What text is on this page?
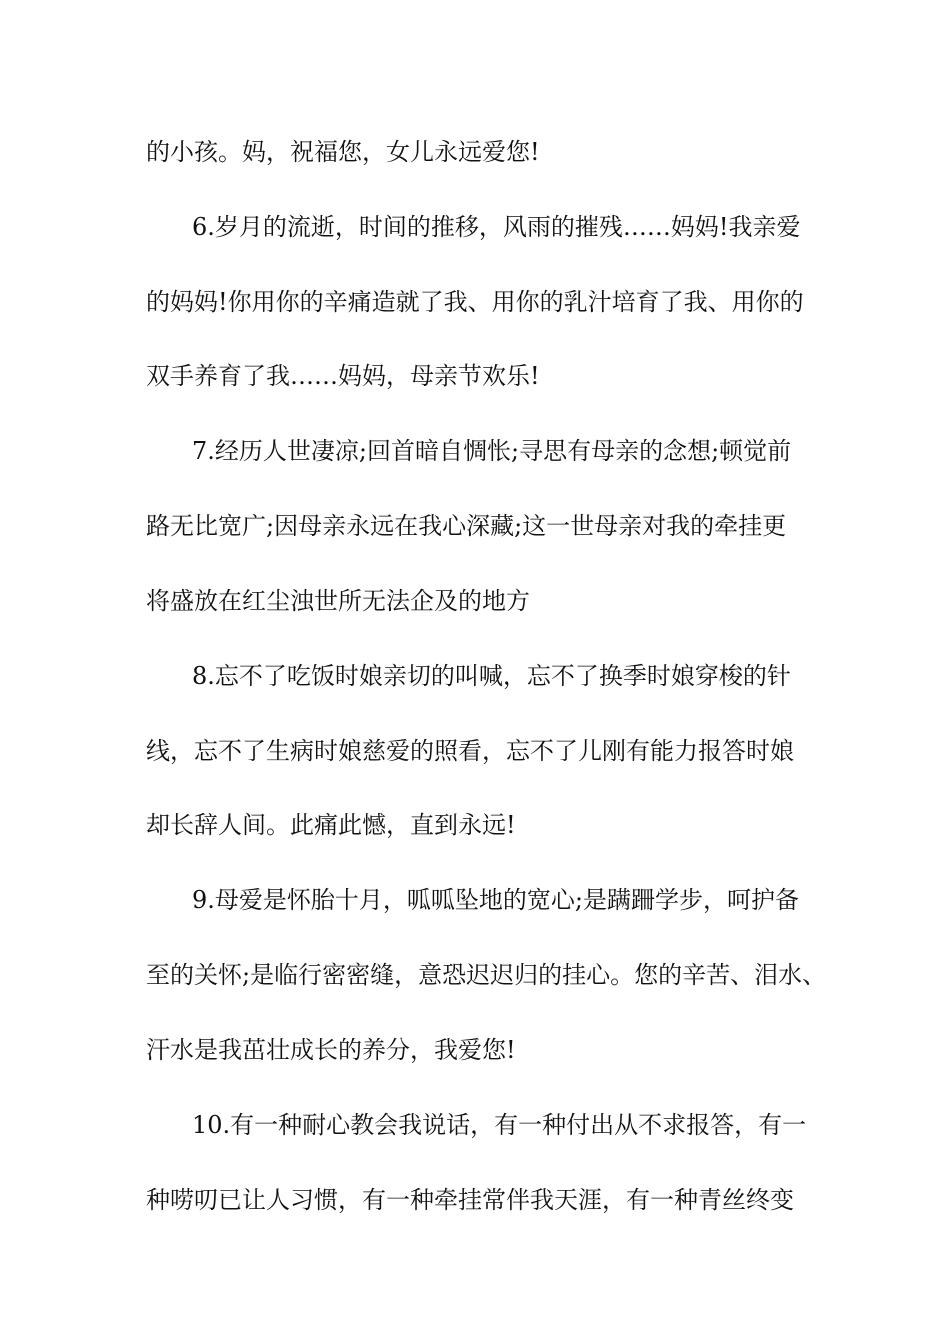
的小孩。妈，祝福您，女儿永远爱您!
6.岁月的流逝，时间的推移，风雨的摧残……妈妈!我亲爱
的妈妈!你用你的辛痛造就了我、用你的乳汁培育了我、用你的
双手养育了我……妈妈，母亲节欢乐!
7.经历人世凄凉;回首暗自惆怅;寻思有母亲的念想;顿觉前
路无比宽广;因母亲永远在我心深藏;这一世母亲对我的牵挂更
将盛放在红尘浊世所无法企及的地方
8.忘不了吃饭时娘亲切的叫喊，忘不了换季时娘穿梭的针
线，忘不了生病时娘慈爱的照看，忘不了儿刚有能力报答时娘
却长辞人间。此痛此憾，直到永远!
9.母爱是怀胎十月，呱呱坠地的宽心;是蹒跚学步，呵护备
至的关怀;是临行密密缝，意恐迟迟归的挂心。您的辛苦、泪水、
汗水是我茁壮成长的养分，我爱您!
10.有一种耐心教会我说话，有一种付出从不求报答，有一
种唠叨已让人习惯，有一种牵挂常伴我天涯，有一种青丝终变
